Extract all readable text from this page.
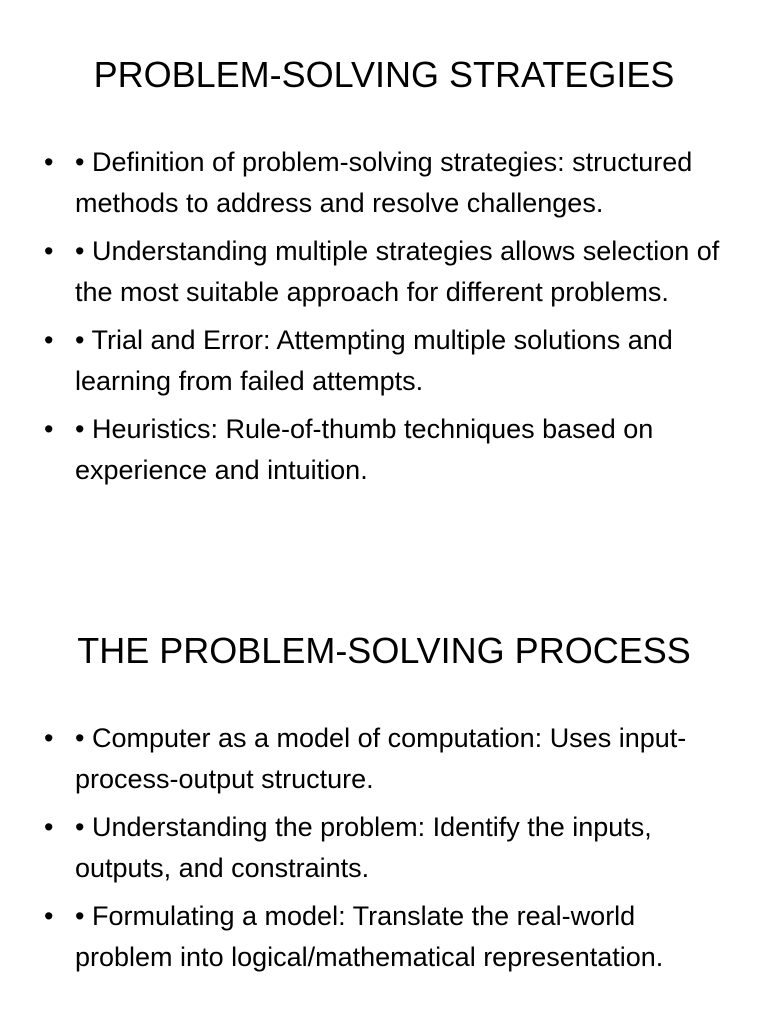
PROBLEM-SOLVING STRATEGIES
• • Definition of problem-solving strategies: structured methods to address and resolve challenges.
• • Understanding multiple strategies allows selection of the most suitable approach for different problems.
• • Trial and Error: Attempting multiple solutions and learning from failed attempts.
• • Heuristics: Rule-of-thumb techniques based on experience and intuition.
THE PROBLEM-SOLVING PROCESS
• • Computer as a model of computation: Uses input-process-output structure.
• • Understanding the problem: Identify the inputs, outputs, and constraints.
• • Formulating a model: Translate the real-world problem into logical/mathematical representation.
